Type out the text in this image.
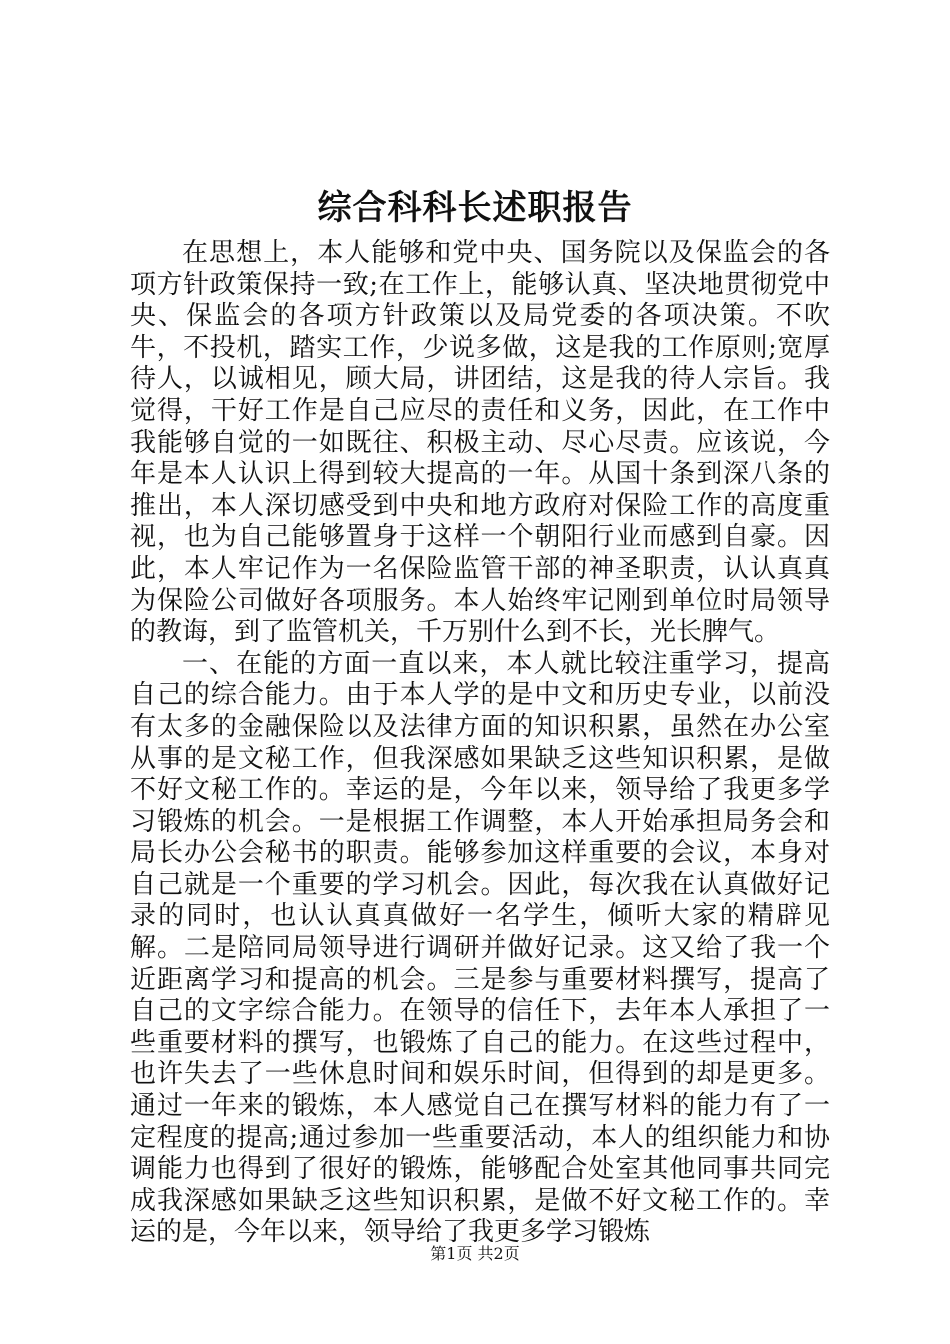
综合科科长述职报告

在思想上，本人能够和党中央、国务院以及保监会的各项方针政策保持一致;在工作上，能够认真、坚决地贯彻党中央、保监会的各项方针政策以及局党委的各项决策。不吹牛，不投机，踏实工作，少说多做，这是我的工作原则;宽厚待人，以诚相见，顾大局，讲团结，这是我的待人宗旨。我觉得，干好工作是自己应尽的责任和义务，因此，在工作中我能够自觉的一如既往、积极主动、尽心尽责。应该说，今年是本人认识上得到较大提高的一年。从国十条到深八条的推出，本人深切感受到中央和地方政府对保险工作的高度重视，也为自己能够置身于这样一个朝阳行业而感到自豪。因此，本人牢记作为一名保险监管干部的神圣职责，认认真真为保险公司做好各项服务。本人始终牢记刚到单位时局领导的教诲，到了监管机关，千万别什么到不长，光长脾气。

一、在能的方面一直以来，本人就比较注重学习，提高自己的综合能力。由于本人学的是中文和历史专业，以前没有太多的金融保险以及法律方面的知识积累，虽然在办公室从事的是文秘工作，但我深感如果缺乏这些知识积累，是做不好文秘工作的。幸运的是，今年以来，领导给了我更多学习锻炼的机会。一是根据工作调整，本人开始承担局务会和局长办公会秘书的职责。能够参加这样重要的会议，本身对自己就是一个重要的学习机会。因此，每次我在认真做好记录的同时，也认认真真做好一名学生，倾听大家的精辟见解。二是陪同局领导进行调研并做好记录。这又给了我一个近距离学习和提高的机会。三是参与重要材料撰写，提高了自己的文字综合能力。在领导的信任下，去年本人承担了一些重要材料的撰写，也锻炼了自己的能力。在这些过程中，也许失去了一些休息时间和娱乐时间，但得到的却是更多。通过一年来的锻炼，本人感觉自己在撰写材料的能力有了一定程度的提高;通过参加一些重要活动，本人的组织能力和协调能力也得到了很好的锻炼，能够配合处室其他同事共同完成我深感如果缺乏这些知识积累，是做不好文秘工作的。幸运的是，今年以来，领导给了我更多学习锻炼

第1页 共2页
